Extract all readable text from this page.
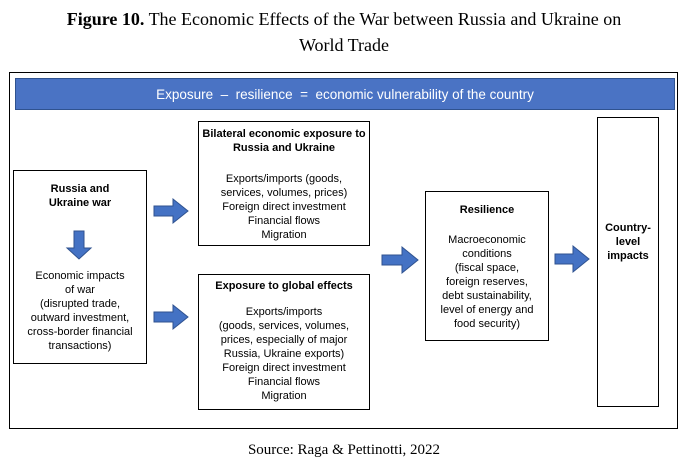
Figure 10. The Economic Effects of the War between Russia and Ukraine on
World Trade
Exposure  –  resilience  =  economic vulnerability of the country
Russia and
Ukraine war
Economic impacts
of war
(disrupted trade,
outward investment,
cross-border financial
transactions)
Bilateral economic exposure to
Russia and Ukraine
Exports/imports (goods,
services, volumes, prices)
Foreign direct investment
Financial flows
Migration
Exposure to global effects
Exports/imports
(goods, services, volumes,
prices, especially of major
Russia, Ukraine exports)
Foreign direct investment
Financial flows
Migration
Resilience
Macroeconomic
conditions
(fiscal space,
foreign reserves,
debt sustainability,
level of energy and
food security)
Country-
level
impacts
Source: Raga & Pettinotti, 2022
